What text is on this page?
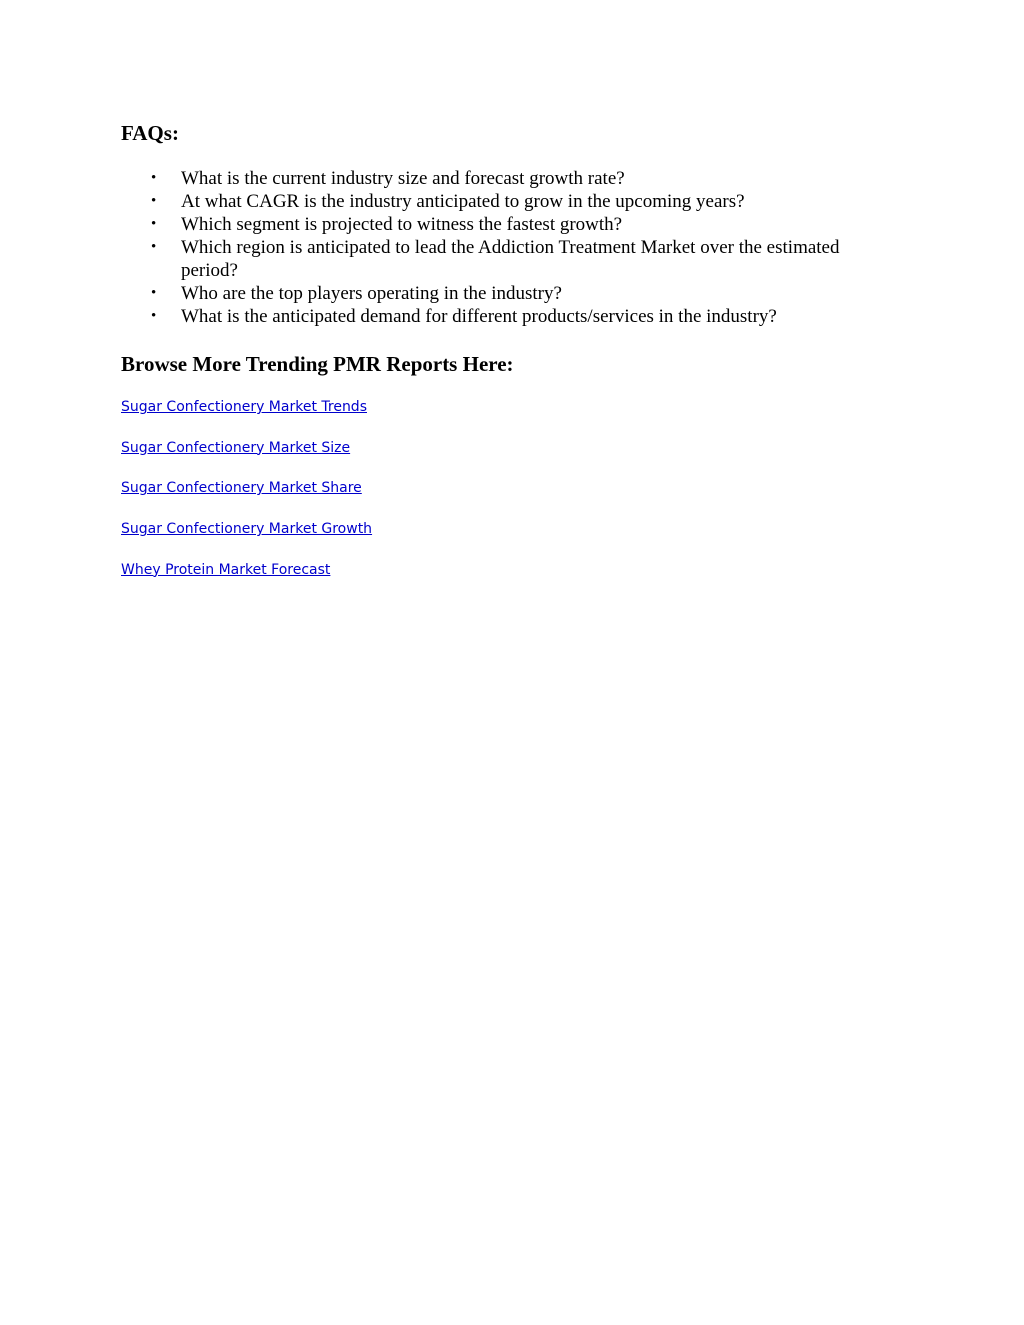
FAQs:
• What is the current industry size and forecast growth rate?
• At what CAGR is the industry anticipated to grow in the upcoming years?
• Which segment is projected to witness the fastest growth?
• Which region is anticipated to lead the Addiction Treatment Market over the estimated period?
• Who are the top players operating in the industry?
• What is the anticipated demand for different products/services in the industry?
Browse More Trending PMR Reports Here:
Sugar Confectionery Market Trends
Sugar Confectionery Market Size
Sugar Confectionery Market Share
Sugar Confectionery Market Growth
Whey Protein Market Forecast
